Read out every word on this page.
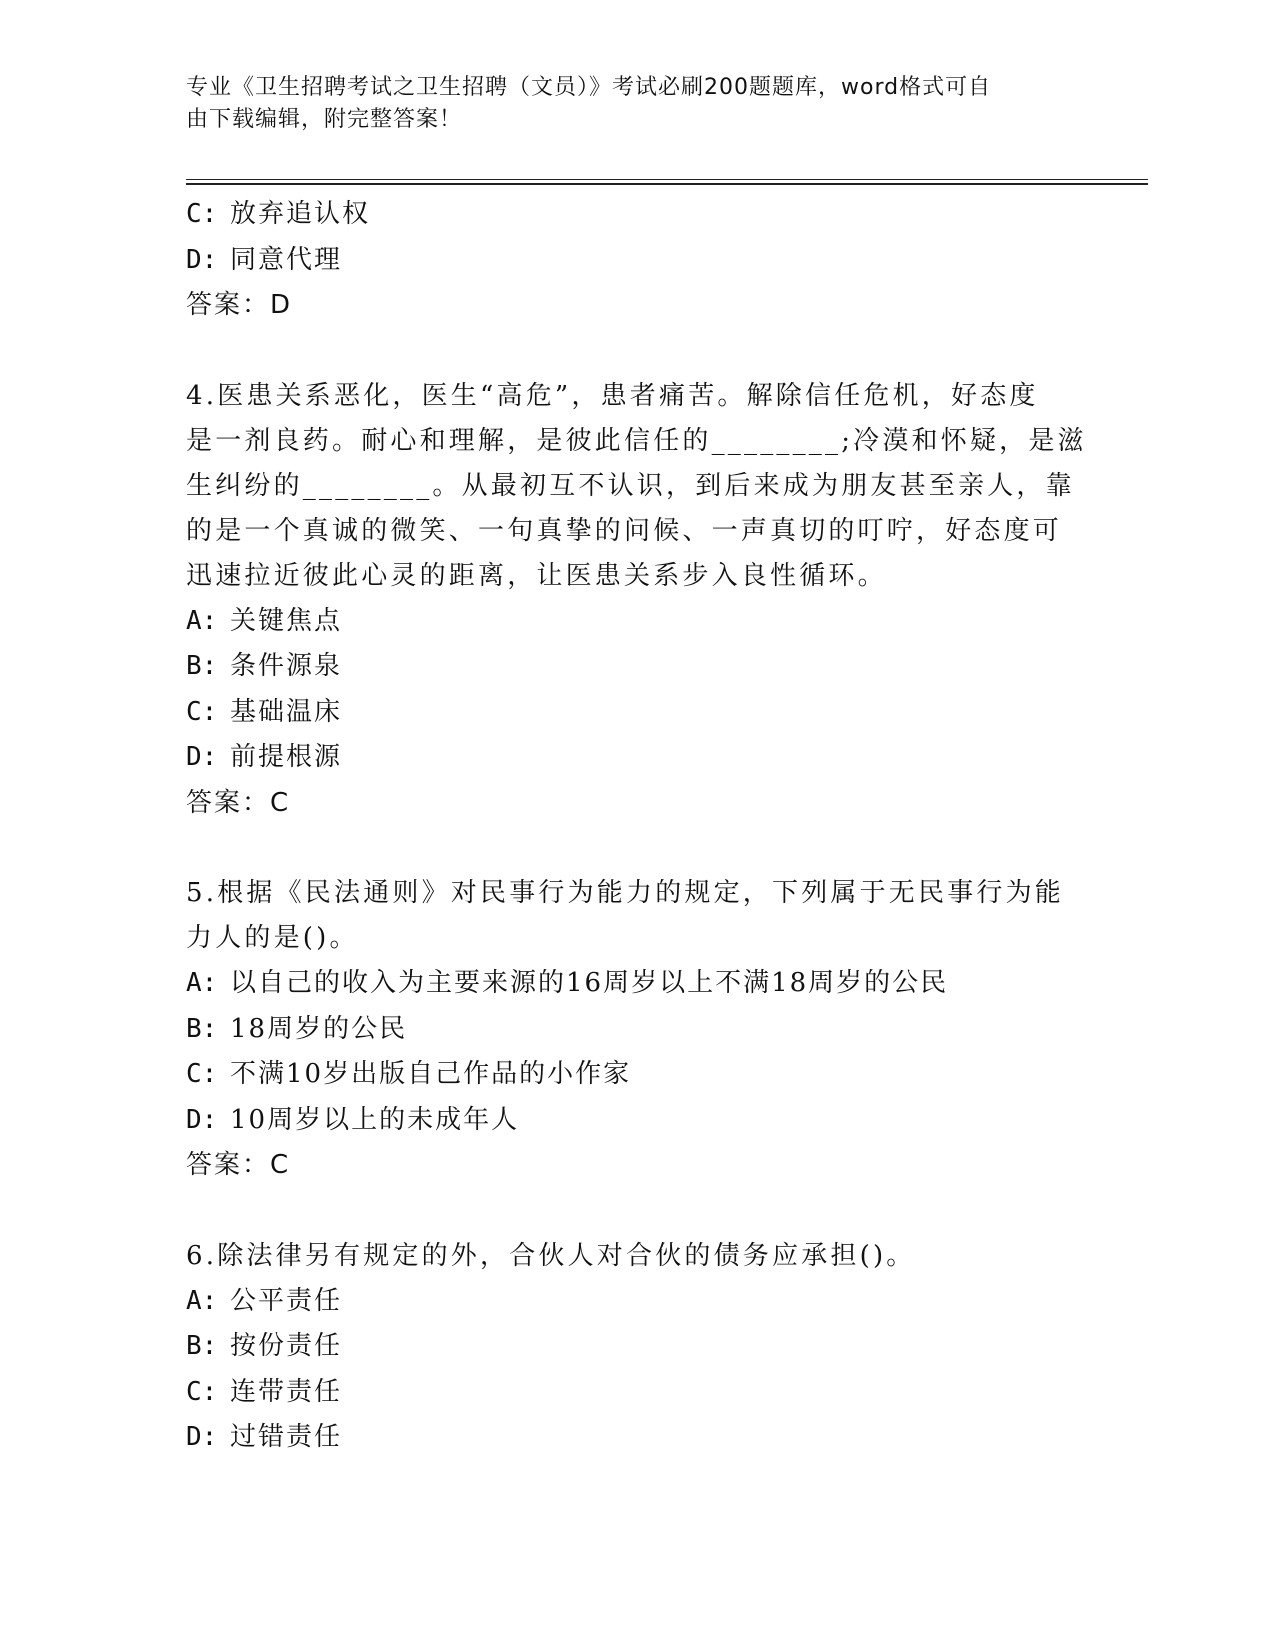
专业《卫生招聘考试之卫生招聘（文员）》考试必刷200题题库，word格式可自
由下载编辑，附完整答案！
C: 放弃追认权
D: 同意代理
答案：D
4.医患关系恶化，医生“高危”，患者痛苦。解除信任危机，好态度
是一剂良药。耐心和理解，是彼此信任的________;冷漠和怀疑，是滋
生纠纷的________。从最初互不认识，到后来成为朋友甚至亲人，靠
的是一个真诚的微笑、一句真挚的问候、一声真切的叮咛，好态度可
迅速拉近彼此心灵的距离，让医患关系步入良性循环。
A: 关键焦点
B: 条件源泉
C: 基础温床
D: 前提根源
答案：C
5.根据《民法通则》对民事行为能力的规定，下列属于无民事行为能
力人的是()。
A: 以自己的收入为主要来源的16周岁以上不满18周岁的公民
B: 18周岁的公民
C: 不满10岁出版自己作品的小作家
D: 10周岁以上的未成年人
答案：C
6.除法律另有规定的外，合伙人对合伙的债务应承担()。
A: 公平责任
B: 按份责任
C: 连带责任
D: 过错责任
